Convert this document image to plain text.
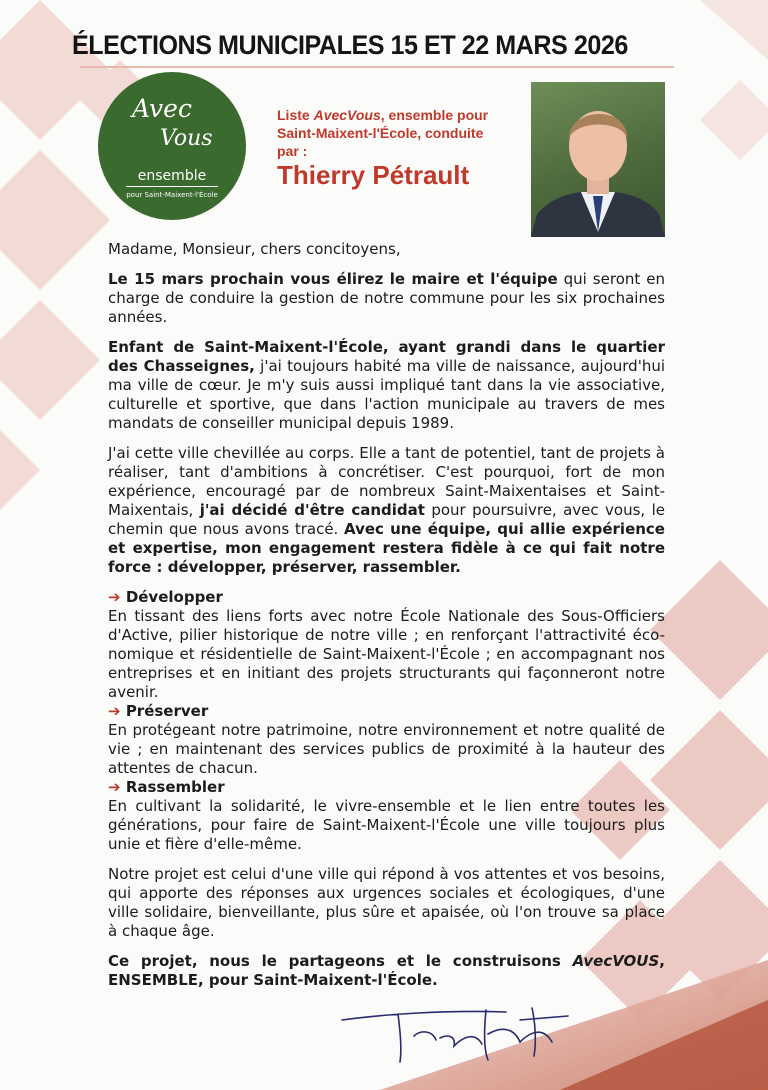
ÉLECTIONS MUNICIPALES 15 ET 22 MARS 2026
Avec
Vous
ensemble
pour Saint-Maixent-l'École
Liste AvecVous, ensemble pour Saint-Maixent-l'École, conduite par :
Thierry Pétrault

Madame, Monsieur, chers concitoyens,

Le 15 mars prochain vous élirez le maire et l'équipe qui seront en charge de conduire la gestion de notre commune pour les six prochaines années.

Enfant de Saint-Maixent-l'École, ayant grandi dans le quartier des Chasseignes, j'ai toujours habité ma ville de naissance, aujourd'hui ma ville de cœur. Je m'y suis aussi impliqué tant dans la vie associative, culturelle et sportive, que dans l'action municipale au travers de mes mandats de conseiller municipal depuis 1989.

J'ai cette ville chevillée au corps. Elle a tant de potentiel, tant de projets à réaliser, tant d'ambitions à concrétiser. C'est pourquoi, fort de mon expérience, encouragé par de nombreux Saint-Maixentaises et Saint-Maixentais, j'ai décidé d'être candidat pour poursuivre, avec vous, le chemin que nous avons tracé. Avec une équipe, qui allie expérience et expertise, mon engagement restera fidèle à ce qui fait notre force : développer, préserver, rassembler.

➔ Développer

En tissant des liens forts avec notre École Nationale des Sous-Officiers d'Active, pilier historique de notre ville ; en renforçant l'attractivité éco-nomique et résidentielle de Saint-Maixent-l'École ; en accompagnant nos entreprises et en initiant des projets structurants qui façonneront notre avenir.

➔ Préserver

En protégeant notre patrimoine, notre environnement et notre qualité de vie ; en maintenant des services publics de proximité à la hauteur des attentes de chacun.

➔ Rassembler

En cultivant la solidarité, le vivre-ensemble et le lien entre toutes les générations, pour faire de Saint-Maixent-l'École une ville toujours plus unie et fière d'elle-même.

Notre projet est celui d'une ville qui répond à vos attentes et vos besoins, qui apporte des réponses aux urgences sociales et écologiques, d'une ville solidaire, bienveillante, plus sûre et apaisée, où l'on trouve sa place à chaque âge.

Ce projet, nous le partageons et le construisons AvecVOUS, ENSEMBLE, pour Saint-Maixent-l'École.
